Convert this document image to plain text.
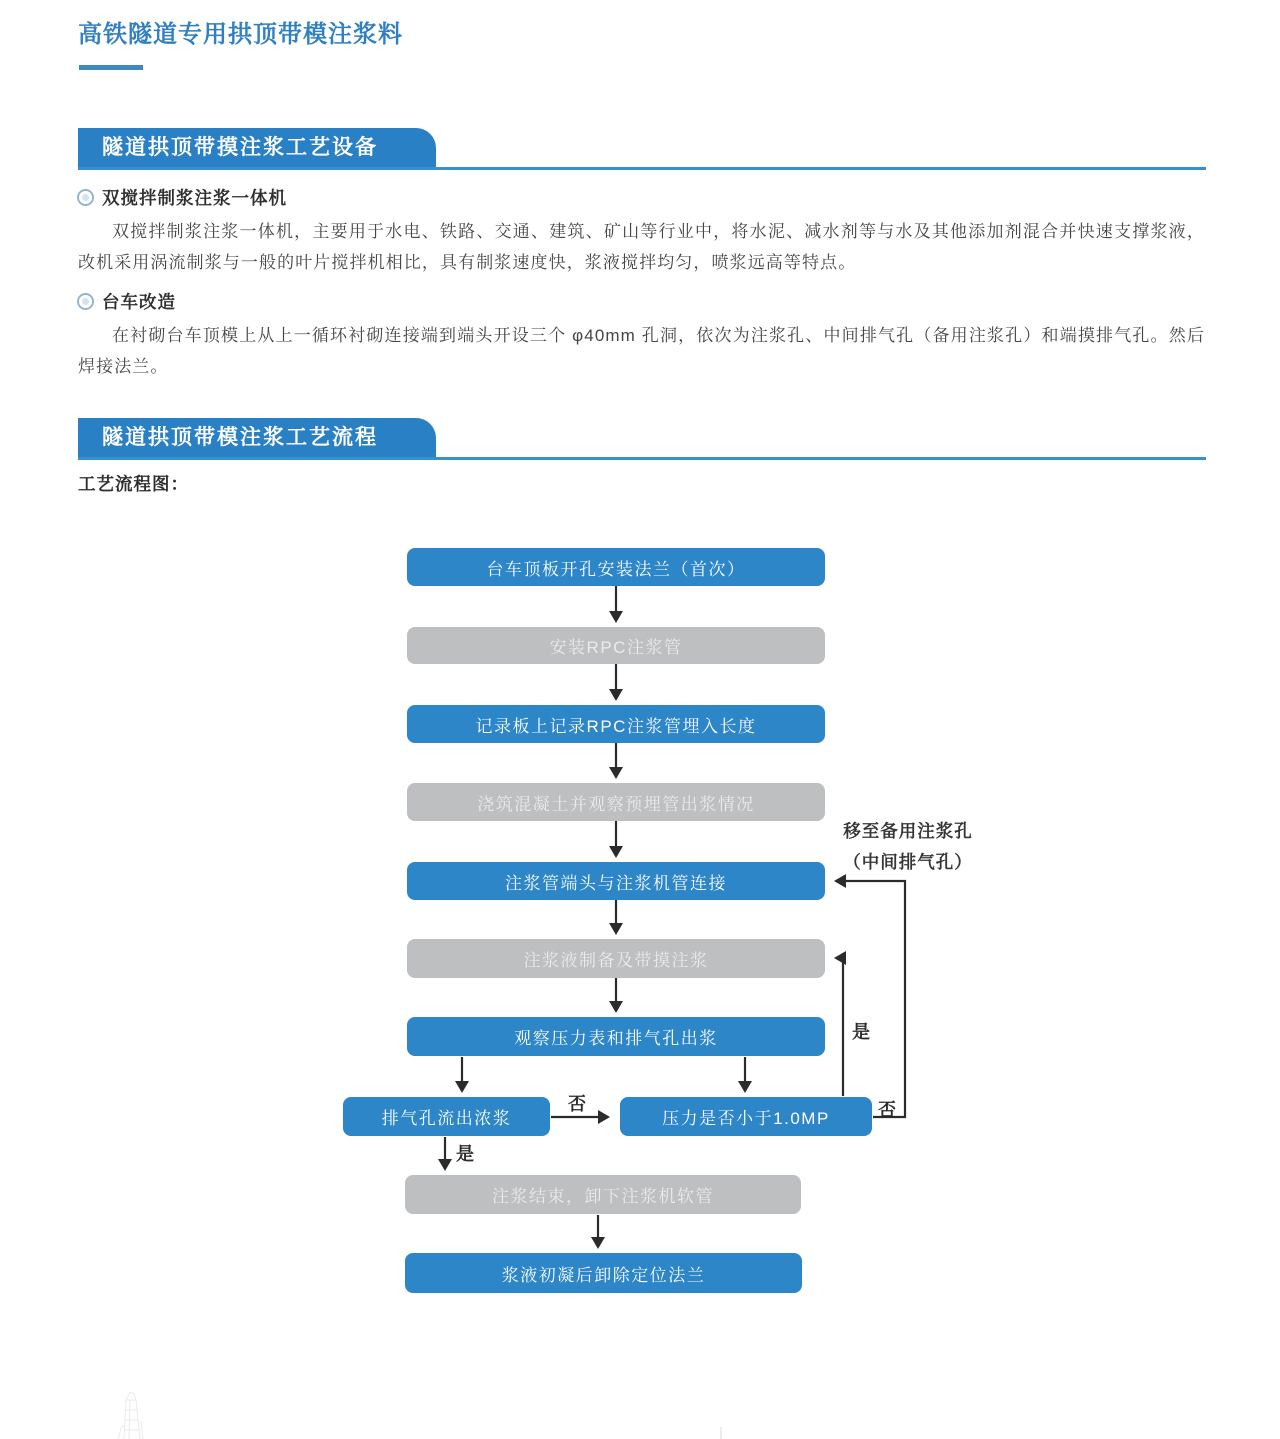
高铁隧道专用拱顶带模注浆料
隧道拱顶带摸注浆工艺设备
双搅拌制浆注浆一体机

双搅拌制浆注浆一体机，主要用于水电、铁路、交通、建筑、矿山等行业中，将水泥、减水剂等与水及其他添加剂混合并快速支撑浆液，改机采用涡流制浆与一般的叶片搅拌机相比，具有制浆速度快，浆液搅拌均匀，喷浆远高等特点。

台车改造

在衬砌台车顶模上从上一循环衬砌连接端到端头开设三个 φ40mm 孔洞，依次为注浆孔、中间排气孔（备用注浆孔）和端摸排气孔。然后焊接法兰。

隧道拱顶带模注浆工艺流程
工艺流程图：
台车顶板开孔安装法兰（首次）
安装RPC注浆管
记录板上记录RPC注浆管埋入长度
浇筑混凝土并观察预埋管出浆情况
注浆管端头与注浆机管连接
注浆液制备及带摸注浆
观察压力表和排气孔出浆
排气孔流出浓浆	压力是否小于1.0MP
注浆结束，卸下注浆机软管
浆液初凝后卸除定位法兰
否
是
是
否
移至备用注浆孔
（中间排气孔）
